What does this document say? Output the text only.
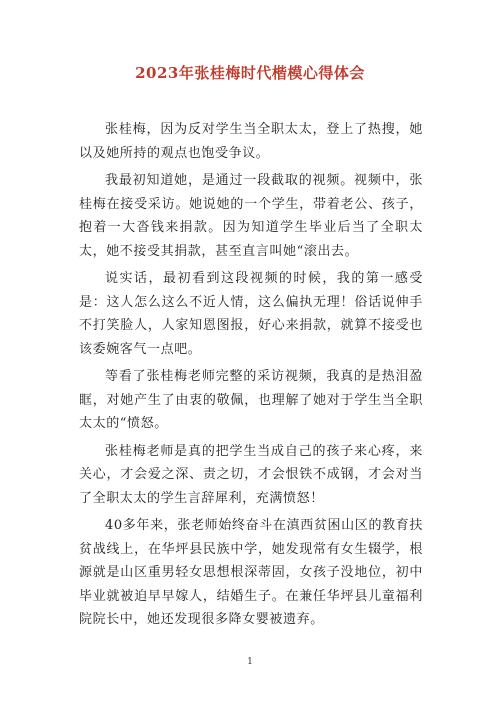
2023年张桂梅时代楷模心得体会

张桂梅，因为反对学生当全职太太，登上了热搜，她以及她所持的观点也饱受争议。

我最初知道她，是通过一段截取的视频。视频中，张桂梅在接受采访。她说她的一个学生，带着老公、孩子，抱着一大沓钱来捐款。因为知道学生毕业后当了全职太太，她不接受其捐款，甚至直言叫她“滚出去。

说实话，最初看到这段视频的时候，我的第一感受是：这人怎么这么不近人情，这么偏执无理！俗话说伸手不打笑脸人，人家知恩图报，好心来捐款，就算不接受也该委婉客气一点吧。

等看了张桂梅老师完整的采访视频，我真的是热泪盈眶，对她产生了由衷的敬佩，也理解了她对于学生当全职太太的“愤怒。

张桂梅老师是真的把学生当成自己的孩子来心疼，来关心，才会爱之深、责之切，才会恨铁不成钢，才会对当了全职太太的学生言辞犀利，充满愤怒！

40多年来，张老师始终奋斗在滇西贫困山区的教育扶贫战线上，在华坪县民族中学，她发现常有女生辍学，根源就是山区重男轻女思想根深蒂固，女孩子没地位，初中毕业就被迫早早嫁人，结婚生子。在兼任华坪县儿童福利院院长中，她还发现很多降女婴被遗弃。

1
